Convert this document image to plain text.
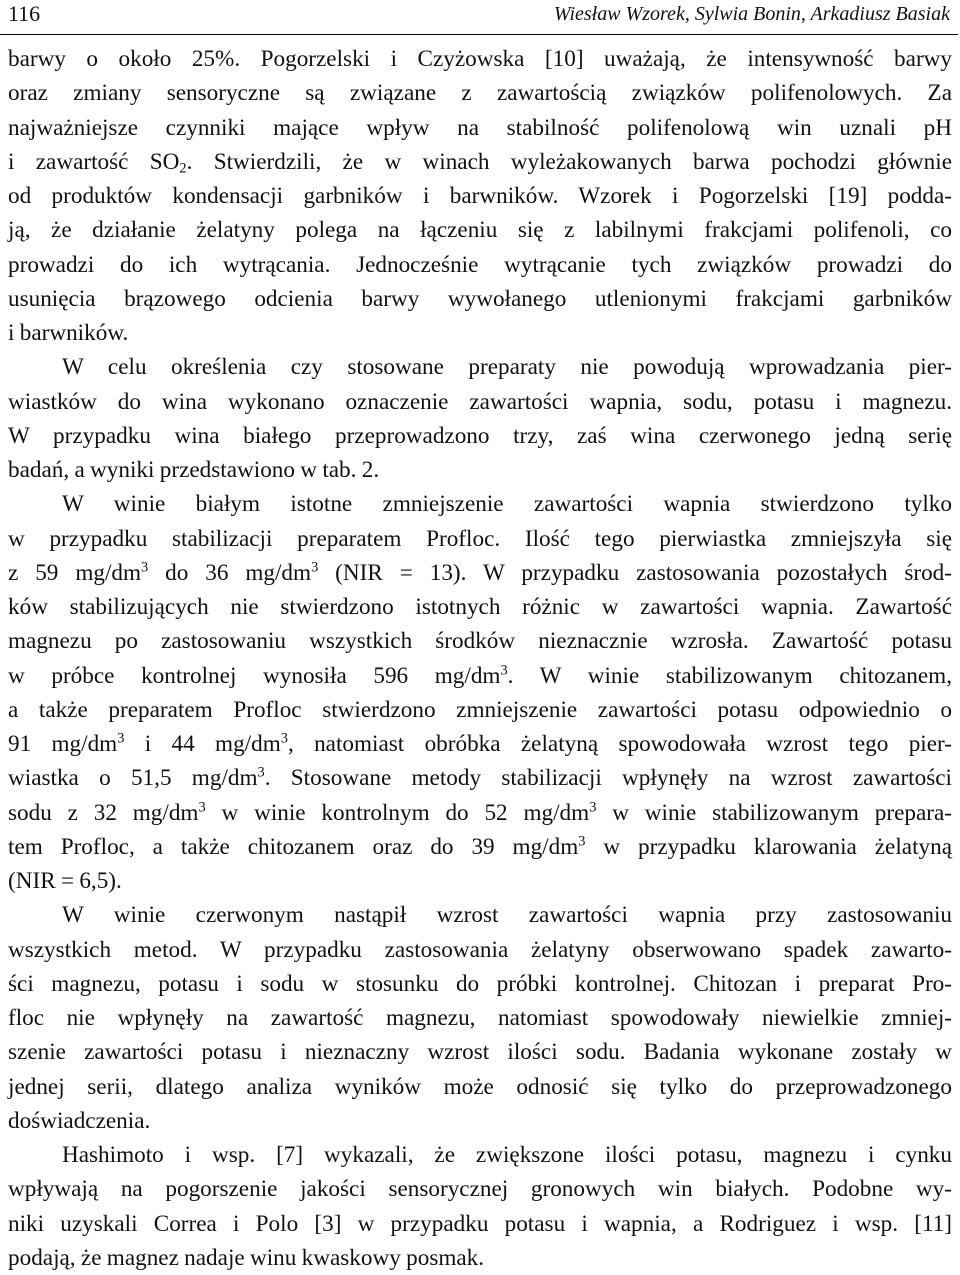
116	Wiesław Wzorek, Sylwia Bonin, Arkadiusz Basiak
barwy o około 25%. Pogorzelski i Czyżowska [10] uważają, że intensywność barwy
oraz zmiany sensoryczne są związane z zawartością związków polifenolowych. Za
najważniejsze czynniki mające wpływ na stabilność polifenolową win uznali pH
i zawartość $SO_2$. Stwierdzili, że w winach wyleżakowanych barwa pochodzi głównie
od produktów kondensacji garbników i barwników. Wzorek i Pogorzelski [19] podda-
ją, że działanie żelatyny polega na łączeniu się z labilnymi frakcjami polifenoli, co
prowadzi do ich wytrącania. Jednocześnie wytrącanie tych związków prowadzi do
usunięcia brązowego odcienia barwy wywołanego utlenionymi frakcjami garbników
i barwników.
W celu określenia czy stosowane preparaty nie powodują wprowadzania pier-
wiastków do wina wykonano oznaczenie zawartości wapnia, sodu, potasu i magnezu.
W przypadku wina białego przeprowadzono trzy, zaś wina czerwonego jedną serię
badań, a wyniki przedstawiono w tab. 2.
W winie białym istotne zmniejszenie zawartości wapnia stwierdzono tylko
w przypadku stabilizacji preparatem Profloc. Ilość tego pierwiastka zmniejszyła się
z 59 $mg/dm^3$ do 36 $mg/dm^3$ (NIR = 13). W przypadku zastosowania pozostałych środ-
ków stabilizujących nie stwierdzono istotnych różnic w zawartości wapnia. Zawartość
magnezu po zastosowaniu wszystkich środków nieznacznie wzrosła. Zawartość potasu
w próbce kontrolnej wynosiła 596 $mg/dm^3$. W winie stabilizowanym chitozanem,
a także preparatem Profloc stwierdzono zmniejszenie zawartości potasu odpowiednio o
91 $mg/dm^3$ i 44 $mg/dm^3$, natomiast obróbka żelatyną spowodowała wzrost tego pier-
wiastka o 51,5 $mg/dm^3$. Stosowane metody stabilizacji wpłynęły na wzrost zawartości
sodu z 32 $mg/dm^3$ w winie kontrolnym do 52 $mg/dm^3$ w winie stabilizowanym prepara-
tem Profloc, a także chitozanem oraz do 39 $mg/dm^3$ w przypadku klarowania żelatyną
(NIR = 6,5).
W winie czerwonym nastąpił wzrost zawartości wapnia przy zastosowaniu
wszystkich metod. W przypadku zastosowania żelatyny obserwowano spadek zawarto-
ści magnezu, potasu i sodu w stosunku do próbki kontrolnej. Chitozan i preparat Pro-
floc nie wpłynęły na zawartość magnezu, natomiast spowodowały niewielkie zmniej-
szenie zawartości potasu i nieznaczny wzrost ilości sodu. Badania wykonane zostały w
jednej serii, dlatego analiza wyników może odnosić się tylko do przeprowadzonego
doświadczenia.
Hashimoto i wsp. [7] wykazali, że zwiększone ilości potasu, magnezu i cynku
wpływają na pogorszenie jakości sensorycznej gronowych win białych. Podobne wy-
niki uzyskali Correa i Polo [3] w przypadku potasu i wapnia, a Rodriguez i wsp. [11]
podają, że magnez nadaje winu kwaskowy posmak.
